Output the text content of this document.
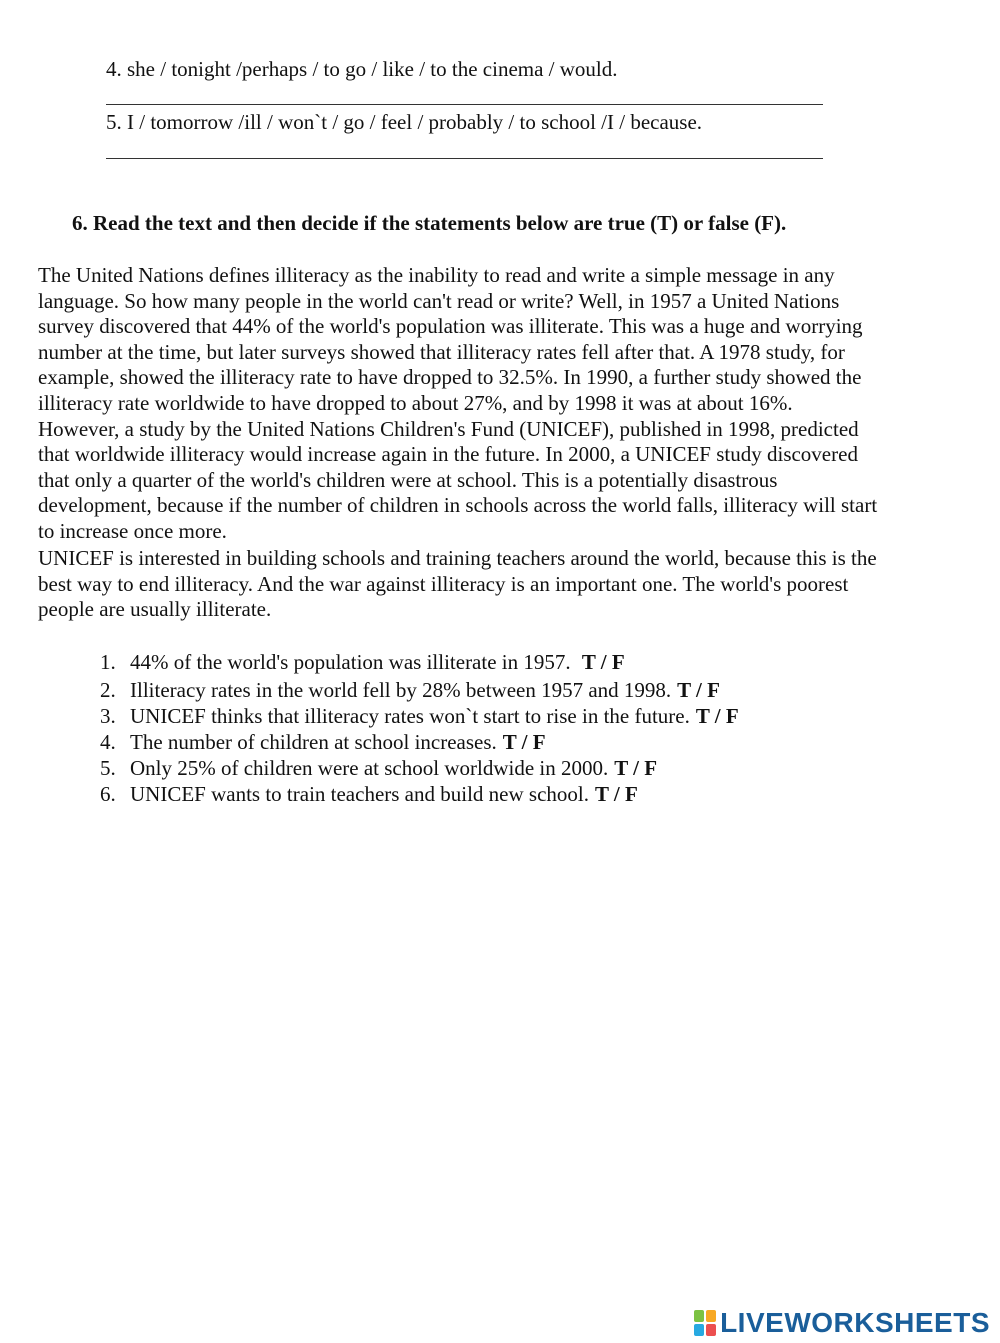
4. she / tonight /perhaps / to go / like / to the cinema / would.
5. I / tomorrow /ill / won`t / go / feel / probably / to school /I / because.
6. Read the text and then decide if the statements below are true (T) or false (F).
The United Nations defines illiteracy as the inability to read and write a simple message in any
language. So how many people in the world can't read or write? Well, in 1957 a United Nations
survey discovered that 44% of the world's population was illiterate. This was a huge and worrying
number at the time, but later surveys showed that illiteracy rates fell after that. A 1978 study, for
example, showed the illiteracy rate to have dropped to 32.5%. In 1990, a further study showed the
illiteracy rate worldwide to have dropped to about 27%, and by 1998 it was at about 16%.
However, a study by the United Nations Children's Fund (UNICEF), published in 1998, predicted
that worldwide illiteracy would increase again in the future. In 2000, a UNICEF study discovered
that only a quarter of the world's children were at school. This is a potentially disastrous
development, because if the number of children in schools across the world falls, illiteracy will start
to increase once more.
UNICEF is interested in building schools and training teachers around the world, because this is the
best way to end illiteracy. And the war against illiteracy is an important one. The world's poorest
people are usually illiterate.
1. 44% of the world's population was illiterate in 1957. T / F
2. Illiteracy rates in the world fell by 28% between 1957 and 1998. T / F
3. UNICEF thinks that illiteracy rates won`t start to rise in the future. T / F
4. The number of children at school increases. T / F
5. Only 25% of children were at school worldwide in 2000. T / F
6. UNICEF wants to train teachers and build new school. T / F
LIVEWORKSHEETS
